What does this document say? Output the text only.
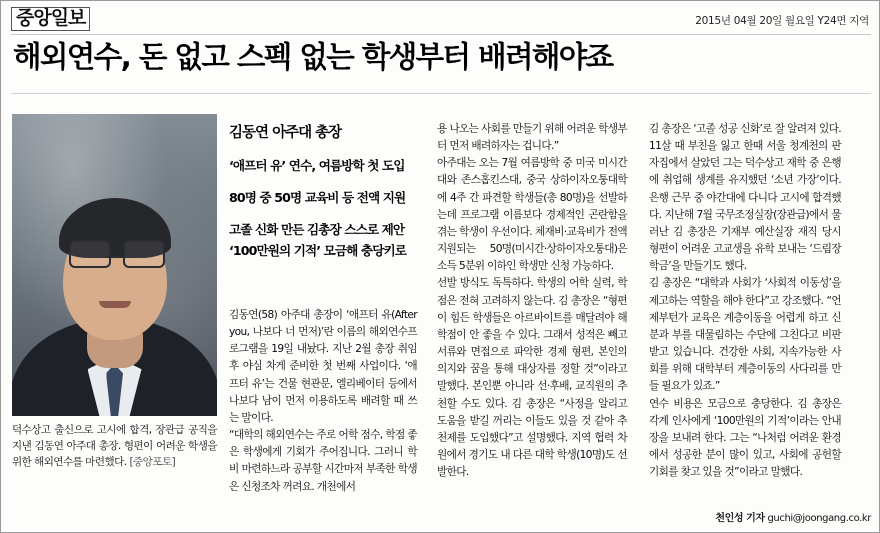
중앙일보	2015년 04월 20일 월요일 Y24면 지역
해외연수, 돈 없고 스펙 없는 학생부터 배려해야죠
덕수상고 출신으로 고시에 합격, 장관급 공직을 지낸 김동연 아주대 총장. 형편이 어려운 학생을 위한 해외연수를 마련했다. [중앙포토]
김동연 아주대 총장
‘애프터 유’ 연수, 여름방학 첫 도입
80명 중 50명 교육비 등 전액 지원
고졸 신화 만든 김총장 스스로 제안
‘100만원의 기적’ 모금해 충당키로

김동연(58) 아주대 총장이 ‘애프터 유(After you, 나보다 너 먼저)’란 이름의 해외연수프로그램을 19일 내놨다. 지난 2월 총장 취임 후 야심 차게 준비한 첫 번째 사업이다. ‘애프터 유’는 건물 현관문, 엘리베이터 등에서 나보다 남이 먼저 이용하도록 배려할 때 쓰는 말이다.

“대학의 해외연수는 주로 어학 점수, 학점 좋은 학생에게 기회가 주어집니다. 그러니 학비 마련하느라 공부할 시간마저 부족한 학생은 신청조차 꺼려요. 개천에서

용 나오는 사회를 만들기 위해 어려운 학생부터 먼저 배려하자는 겁니다.”

아주대는 오는 7월 여름방학 중 미국 미시간대와 존스홉킨스대, 중국 상하이자오퉁대학에 4주 간 파견할 학생들(총 80명)을 선발하는데 프로그램 이름보다 경제적인 곤란함을 겪는 학생이 우선이다. 체재비·교육비가 전액 지원되는 50명(미시간·상하이자오퉁대)은 소득 5분위 이하인 학생만 신청 가능하다.

선발 방식도 독특하다. 학생의 어학 실력, 학점은 전혀 고려하지 않는다. 김 총장은 “형편이 힘든 학생들은 아르바이트를 매달려야 해 학점이 안 좋을 수 있다. 그래서 성적은 빼고 서류와 면접으로 파악한 경제 형편, 본인의 의지와 꿈을 통해 대상자를 정할 것”이라고 말했다. 본인뿐 아니라 선·후배, 교직원의 추천할 수도 있다. 김 총장은 “사정을 알리고 도움을 받길 꺼리는 이들도 있을 것 같아 추천제를 도입했다”고 설명했다. 지역 협력 차원에서 경기도 내 다른 대학 학생(10명)도 선발한다.

김 총장은 ‘고졸 성공 신화’로 잘 알려져 있다. 11살 때 부친을 잃고 한때 서울 청계천의 판자집에서 살았던 그는 덕수상고 재학 중 은행에 취업해 생계를 유지했던 ‘소년 가장’이다. 은행 근무 중 야간대에 다니다 고시에 합격했다. 지난해 7월 국무조정실장(장관급)에서 물러난 김 총장은 기재부 예산실장 재직 당시 형편이 어려운 고교생을 유학 보내는 ‘드림장학금’을 만들기도 했다.

김 총장은 “대학과 사회가 ‘사회적 이동성’을 제고하는 역할을 해야 한다”고 강조했다. “언제부턴가 교육은 계층이동을 어렵게 하고 신분과 부를 대물림하는 수단에 그친다고 비판받고 있습니다. 건강한 사회, 지속가능한 사회를 위해 대학부터 계층이동의 사다리를 만들 필요가 있죠.”

연수 비용은 모금으로 충당한다. 김 총장은 각계 인사에게 ‘100만원의 기적’이라는 안내장을 보내려 한다. 그는 “나처럼 어려운 환경에서 성공한 분이 많이 있고, 사회에 공헌할 기회를 찾고 있을 것”이라고 말했다.

천인성 기자 guchi@joongang.co.kr
